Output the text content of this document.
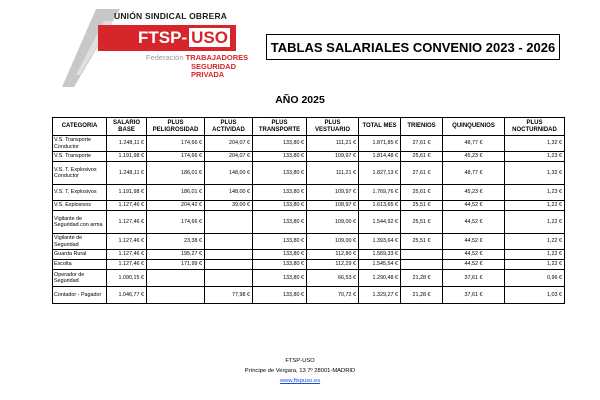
UNIÓN SINDICAL OBRERA
FTSP- USO
Federación TRABAJADORES
SEGURIDAD
PRIVADA
TABLAS SALARIALES CONVENIO 2023 - 2026
AÑO 2025
CATEGORIA	SALARIO BASE	PLUS PELIGROSIDAD	PLUS ACTIVIDAD	PLUS TRANSPORTE	PLUS VESTUARIO	TOTAL MES	TRIENIOS	QUINQUENIOS	PLUS NOCTURNIDAD
V.S. Transporte Conductor	1.248,11 €	174,66 €	204,07 €	133,80 €	111,21 €	1.871,85 €	27,61 €	48,77 €	1,32 €
V.S. Transporte	1.191,98 €	174,66 €	204,07 €	133,80 €	109,97 €	1.814,48 €	25,61 €	45,23 €	1,23 €
V.S. T. Explosivos Conductor	1.248,11 €	186,01 €	148,00 €	133,80 €	111,21 €	1.827,13 €	27,61 €	48,77 €	1,32 €
V.S. T. Explosivos	1.191,98 €	186,01 €	148,00 €	133,80 €	109,97 €	1.769,76 €	25,61 €	45,23 €	1,23 €
V.S. Explosivos	1.127,46 €	204,42 €	39,00 €	133,80 €	108,97 €	1.613,65 €	25,51 €	44,52 €	1,22 €
Vigilante de Seguridad con arma	1.127,46 €	174,66 €		133,80 €	109,00 €	1.544,92 €	25,51 €	44,52 €	1,22 €
Vigilante de Seguridad	1.127,46 €	23,38 €		133,80 €	109,00 €	1.393,64 €	25,51 €	44,52 €	1,22 €
Guarda Rural	1.127,46 €	195,27 €		133,80 €	112,80 €	1.569,33 €		44,52 €	1,22 €
Escolta	1.127,46 €	171,99 €		133,80 €	112,29 €	1.545,54 €		44,52 €	1,22 €
Operador de Seguridad	1.090,15 €			133,80 €	66,53 €	1.290,48 €	21,28 €	37,61 €	0,96 €
Contador - Pagador	1.046,77 €		77,98 €	133,80 €	70,72 €	1.329,27 €	21,28 €	37,61 €	1,03 €
FTSP-USO
Príncipe de Vergara, 13 7º 28001-MADRID
www.ftspuso.es
